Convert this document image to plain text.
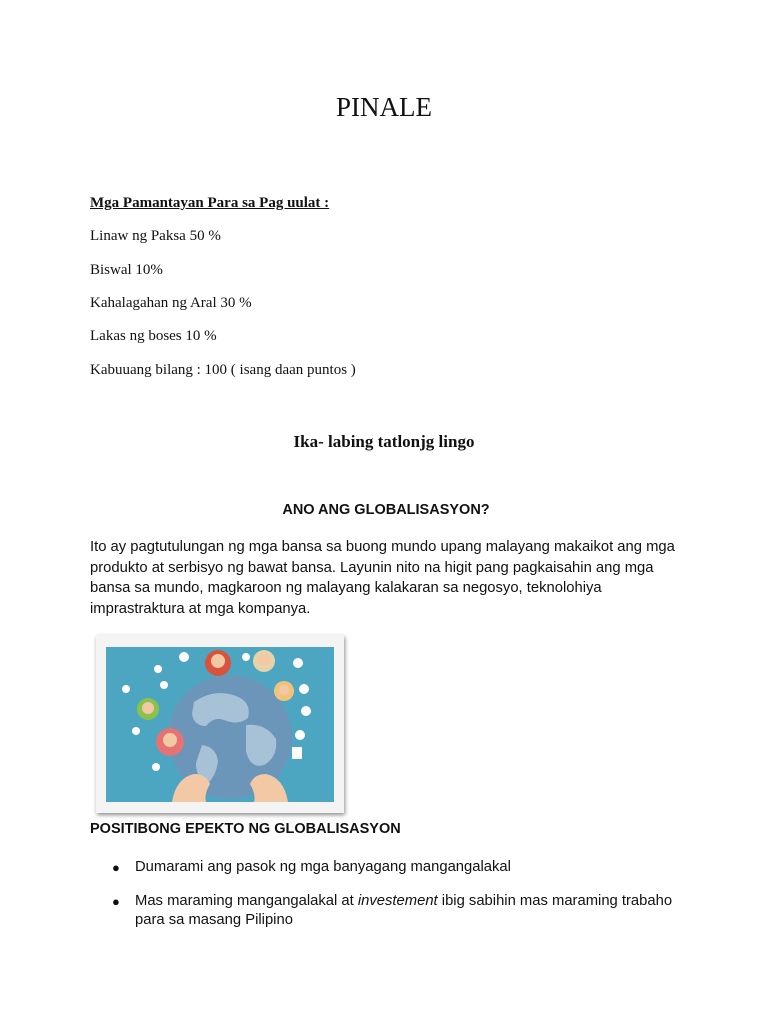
PINALE
Mga Pamantayan Para sa Pag uulat :
Linaw ng Paksa 50 %
Biswal 10%
Kahalagahan ng Aral 30 %
Lakas ng boses 10 %
Kabuuang bilang : 100 ( isang daan puntos )
Ika- labing tatlonjg lingo
ANO ANG GLOBALISASYON?
Ito ay pagtutulungan ng mga bansa sa buong mundo upang malayang makaikot ang mga produkto at serbisyo ng bawat bansa. Layunin nito na higit pang pagkaisahin ang mga bansa sa mundo, magkaroon ng malayang kalakaran sa negosyo, teknolohiya imprastraktura at mga kompanya.
POSITIBONG EPEKTO NG GLOBALISASYON
● Dumarami ang pasok ng mga banyagang mangangalakal
● Mas maraming mangangalakal at investement ibig sabihin mas maraming trabaho para sa masang Pilipino
